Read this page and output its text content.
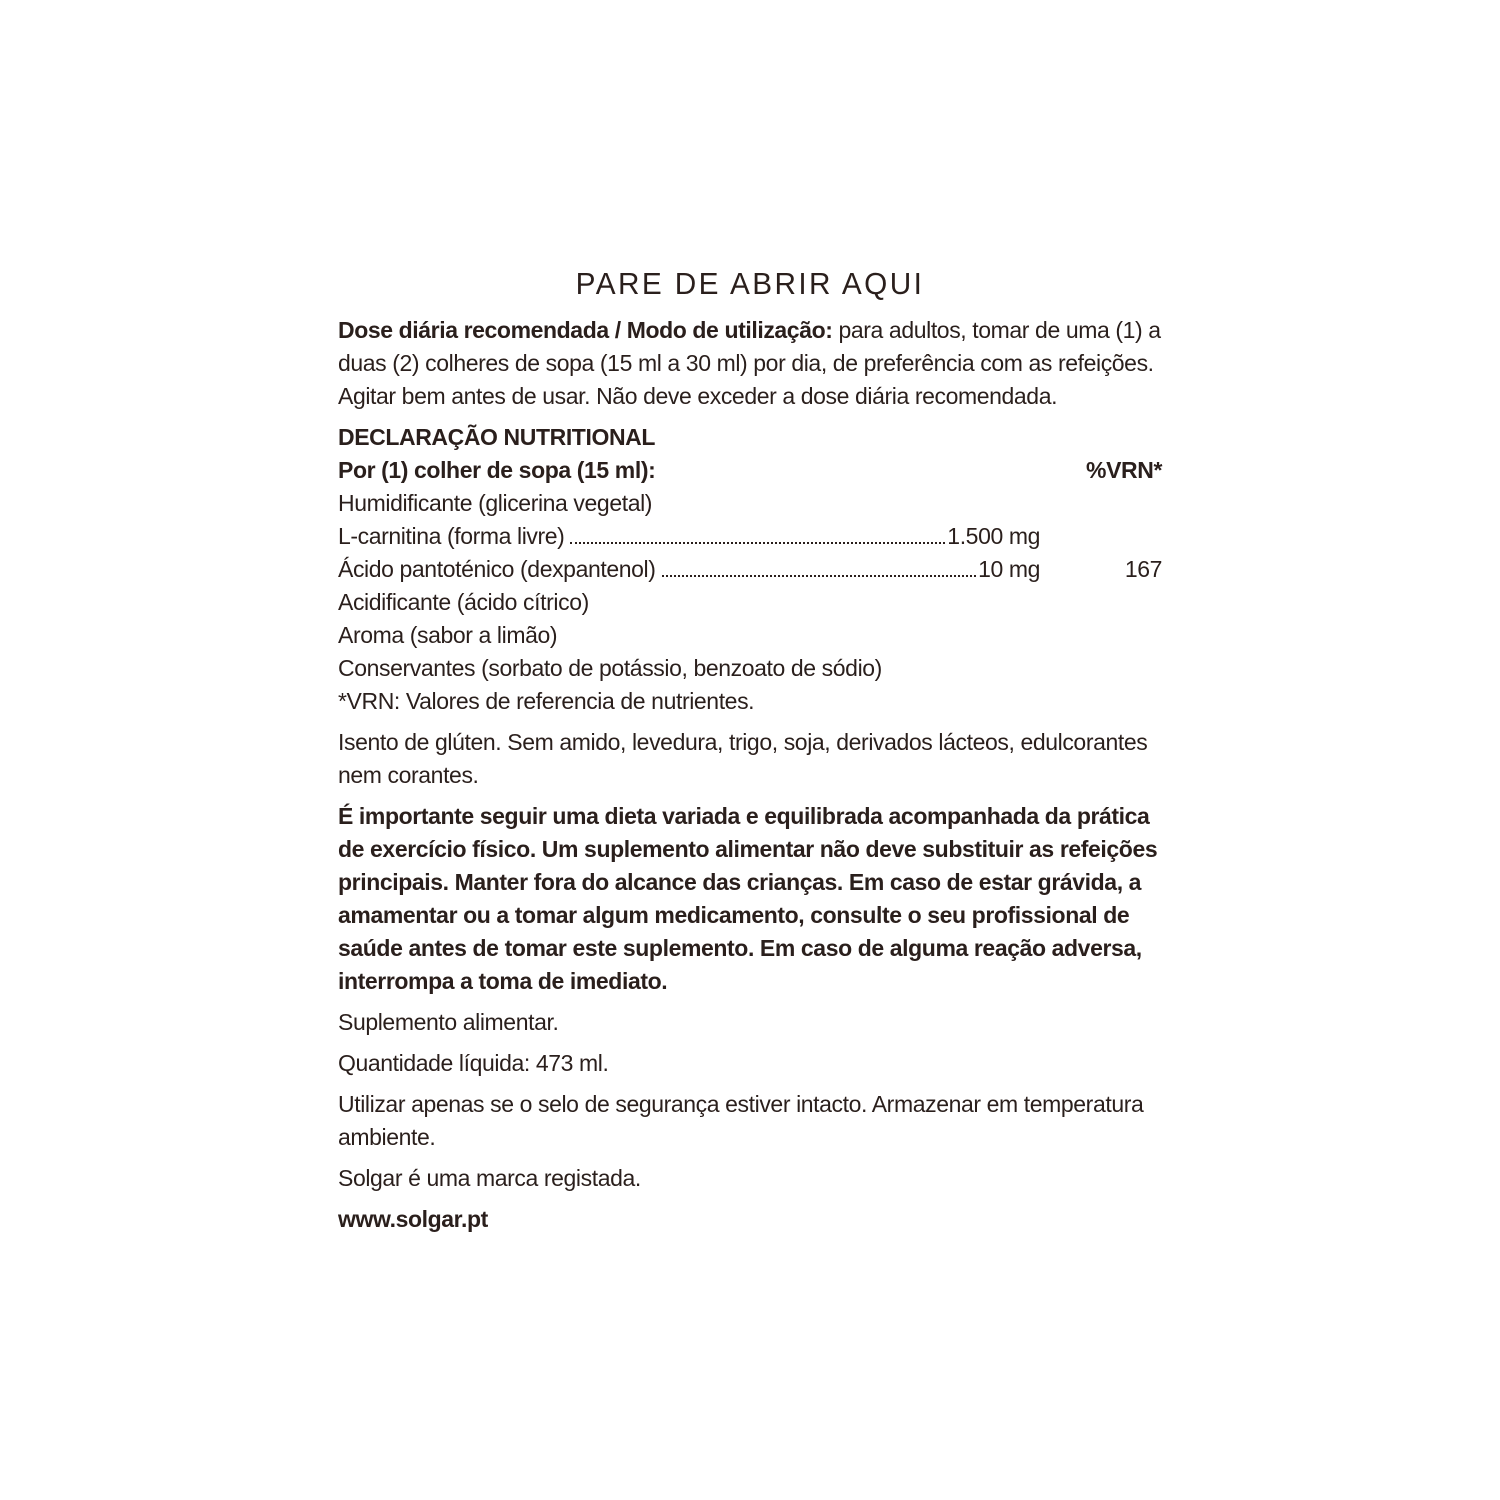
PARE DE ABRIR AQUI

Dose diária recomendada / Modo de utilização: para adultos, tomar de uma (1) a duas (2) colheres de sopa (15 ml a 30 ml) por dia, de preferência com as refeições. Agitar bem antes de usar. Não deve exceder a dose diária recomendada.

DECLARAÇÃO NUTRITIONAL
Por (1) colher de sopa (15 ml):	%VRN*
Humidificante (glicerina vegetal)
L-carnitina (forma livre)	1.500 mg
Ácido pantoténico (dexpantenol)	10 mg	167
Acidificante (ácido cítrico)
Aroma (sabor a limão)
Conservantes (sorbato de potássio, benzoato de sódio)
*VRN: Valores de referencia de nutrientes.

Isento de glúten. Sem amido, levedura, trigo, soja, derivados lácteos, edulcorantes nem corantes.

É importante seguir uma dieta variada e equilibrada acompanhada da prática de exercício físico. Um suplemento alimentar não deve substituir as refeições principais. Manter fora do alcance das crianças. Em caso de estar grávida, a amamentar ou a tomar algum medicamento, consulte o seu profissional de saúde antes de tomar este suplemento. Em caso de alguma reação adversa, interrompa a toma de imediato.

Suplemento alimentar.

Quantidade líquida: 473 ml.

Utilizar apenas se o selo de segurança estiver intacto. Armazenar em temperatura ambiente.

Solgar é uma marca registada.

www.solgar.pt
